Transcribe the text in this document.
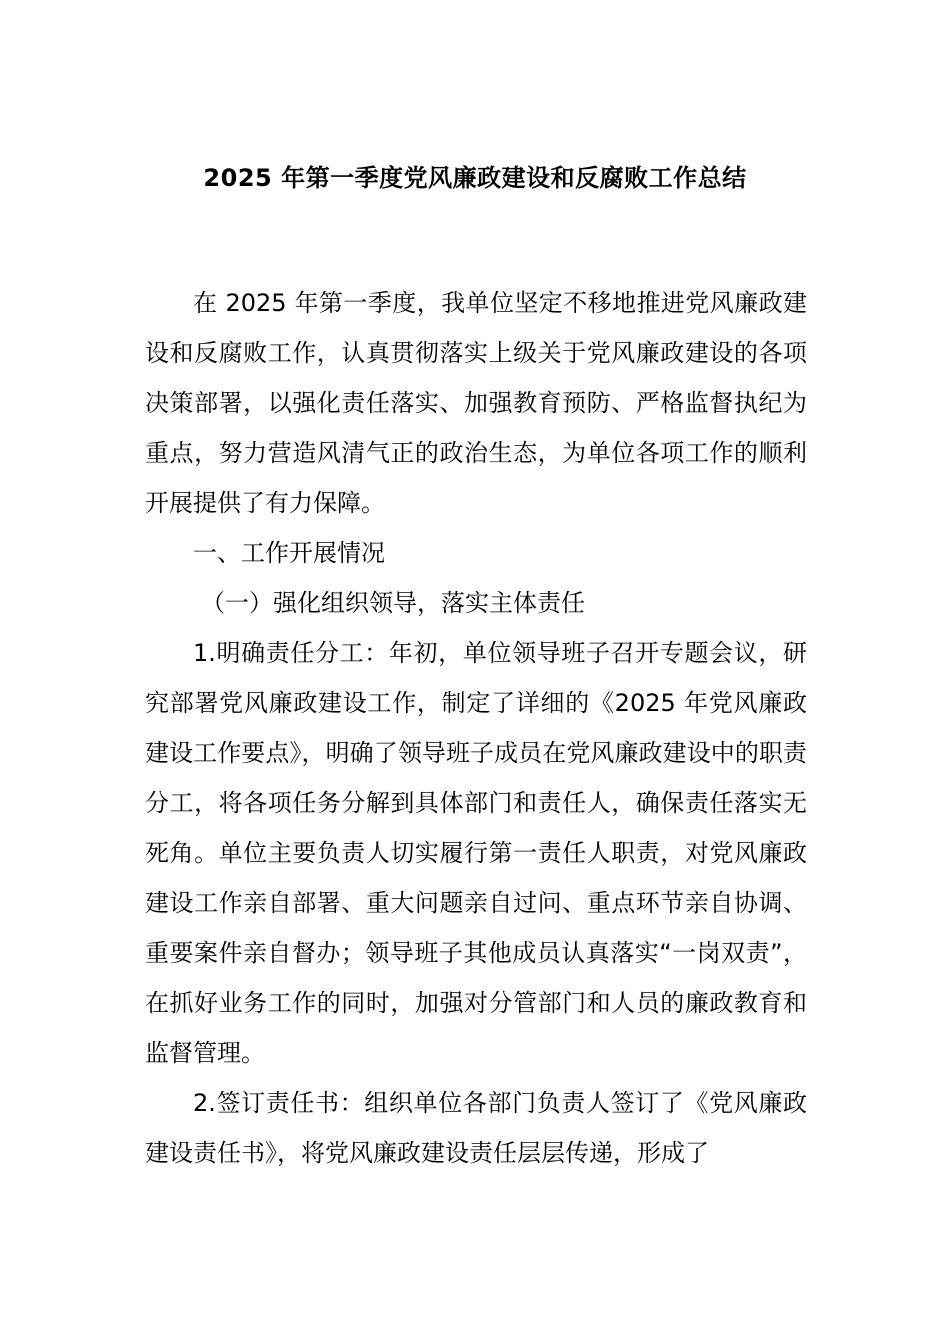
2025 年第一季度党风廉政建设和反腐败工作总结

在 2025 年第一季度，我单位坚定不移地推进党风廉政建设和反腐败工作，认真贯彻落实上级关于党风廉政建设的各项决策部署，以强化责任落实、加强教育预防、严格监督执纪为重点，努力营造风清气正的政治生态，为单位各项工作的顺利开展提供了有力保障。

一、工作开展情况

（一）强化组织领导，落实主体责任

1.明确责任分工：年初，单位领导班子召开专题会议，研究部署党风廉政建设工作，制定了详细的《2025 年党风廉政建设工作要点》，明确了领导班子成员在党风廉政建设中的职责分工，将各项任务分解到具体部门和责任人，确保责任落实无死角。单位主要负责人切实履行第一责任人职责，对党风廉政建设工作亲自部署、重大问题亲自过问、重点环节亲自协调、重要案件亲自督办；领导班子其他成员认真落实“一岗双责”，在抓好业务工作的同时，加强对分管部门和人员的廉政教育和监督管理。

2.签订责任书：组织单位各部门负责人签订了《党风廉政建设责任书》，将党风廉政建设责任层层传递，形成了
